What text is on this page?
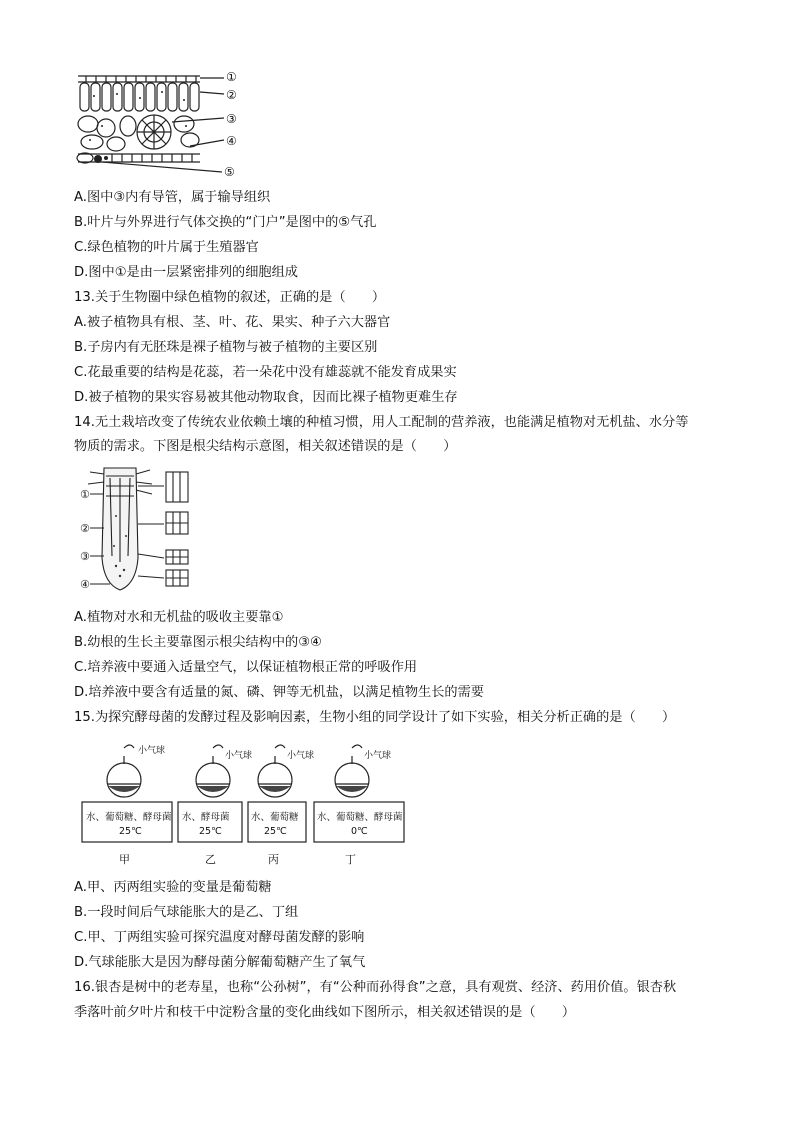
①
②
③
④
⑤
A.图中③内有导管，属于输导组织
B.叶片与外界进行气体交换的“门户”是图中的⑤气孔
C.绿色植物的叶片属于生殖器官
D.图中①是由一层紧密排列的细胞组成
13.关于生物圈中绿色植物的叙述，正确的是（　　）
A.被子植物具有根、茎、叶、花、果实、种子六大器官
B.子房内有无胚珠是裸子植物与被子植物的主要区别
C.花最重要的结构是花蕊，若一朵花中没有雄蕊就不能发育成果实
D.被子植物的果实容易被其他动物取食，因而比裸子植物更难生存
14.无土栽培改变了传统农业依赖土壤的种植习惯，用人工配制的营养液，也能满足植物对无机盐、水分等
物质的需求。下图是根尖结构示意图，相关叙述错误的是（　　）
①
②
③
④
A.植物对水和无机盐的吸收主要靠①
B.幼根的生长主要靠图示根尖结构中的③④
C.培养液中要通入适量空气，以保证植物根正常的呼吸作用
D.培养液中要含有适量的氮、磷、钾等无机盐，以满足植物生长的需要
15.为探究酵母菌的发酵过程及影响因素，生物小组的同学设计了如下实验，相关分析正确的是（　　）
小气球	小气球	小气球	小气球
水、葡萄糖、酵母菌
25℃
水、酵母菌
25℃
水、葡萄糖
25℃
水、葡萄糖、酵母菌
0℃
甲	乙	丙	丁
A.甲、丙两组实验的变量是葡萄糖
B.一段时间后气球能胀大的是乙、丁组
C.甲、丁两组实验可探究温度对酵母菌发酵的影响
D.气球能胀大是因为酵母菌分解葡萄糖产生了氧气
16.银杏是树中的老寿星，也称“公孙树”，有“公种而孙得食”之意，具有观赏、经济、药用价值。银杏秋
季落叶前夕叶片和枝干中淀粉含量的变化曲线如下图所示，相关叙述错误的是（　　）
